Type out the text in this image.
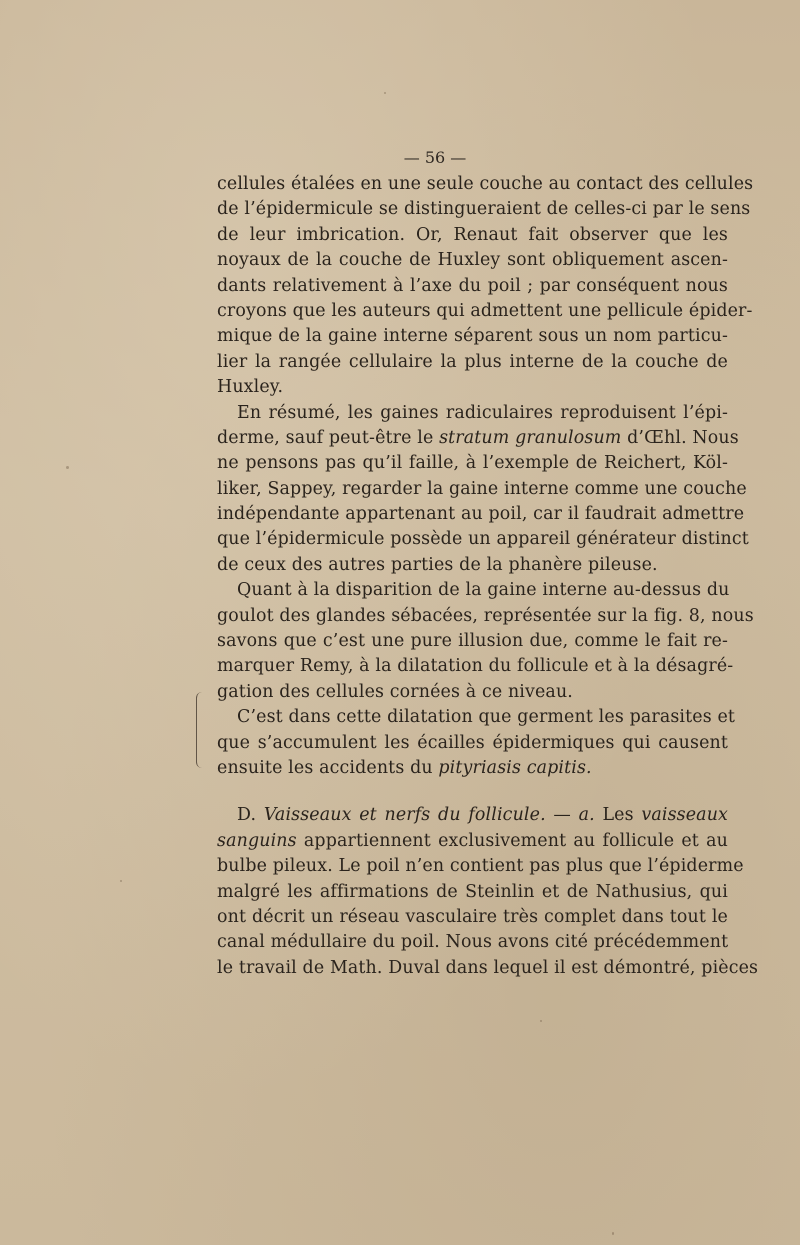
— 56 —
cellules étalées en une seule couche au contact des cellules
de l’épidermicule se distingueraient de celles-ci par le sens
de leur imbrication. Or, Renaut fait observer que les
noyaux de la couche de Huxley sont obliquement ascen-
dants relativement à l’axe du poil ; par conséquent nous
croyons que les auteurs qui admettent une pellicule épider-
mique de la gaine interne séparent sous un nom particu-
lier la rangée cellulaire la plus interne de la couche de
Huxley.
En résumé, les gaines radiculaires reproduisent l’épi-
derme, sauf peut-être le stratum granulosum d’Œhl. Nous
ne pensons pas qu’il faille, à l’exemple de Reichert, Köl-
liker, Sappey, regarder la gaine interne comme une couche
indépendante appartenant au poil, car il faudrait admettre
que l’épidermicule possède un appareil générateur distinct
de ceux des autres parties de la phanère pileuse.
Quant à la disparition de la gaine interne au-dessus du
goulot des glandes sébacées, représentée sur la fig. 8, nous
savons que c’est une pure illusion due, comme le fait re-
marquer Remy, à la dilatation du follicule et à la désagré-
gation des cellules cornées à ce niveau.
C’est dans cette dilatation que germent les parasites et
que s’accumulent les écailles épidermiques qui causent
ensuite les accidents du pityriasis capitis.
D. Vaisseaux et nerfs du follicule. — a. Les vaisseaux
sanguins appartiennent exclusivement au follicule et au
bulbe pileux. Le poil n’en contient pas plus que l’épiderme
malgré les affirmations de Steinlin et de Nathusius, qui
ont décrit un réseau vasculaire très complet dans tout le
canal médullaire du poil. Nous avons cité précédemment
le travail de Math. Duval dans lequel il est démontré, pièces
